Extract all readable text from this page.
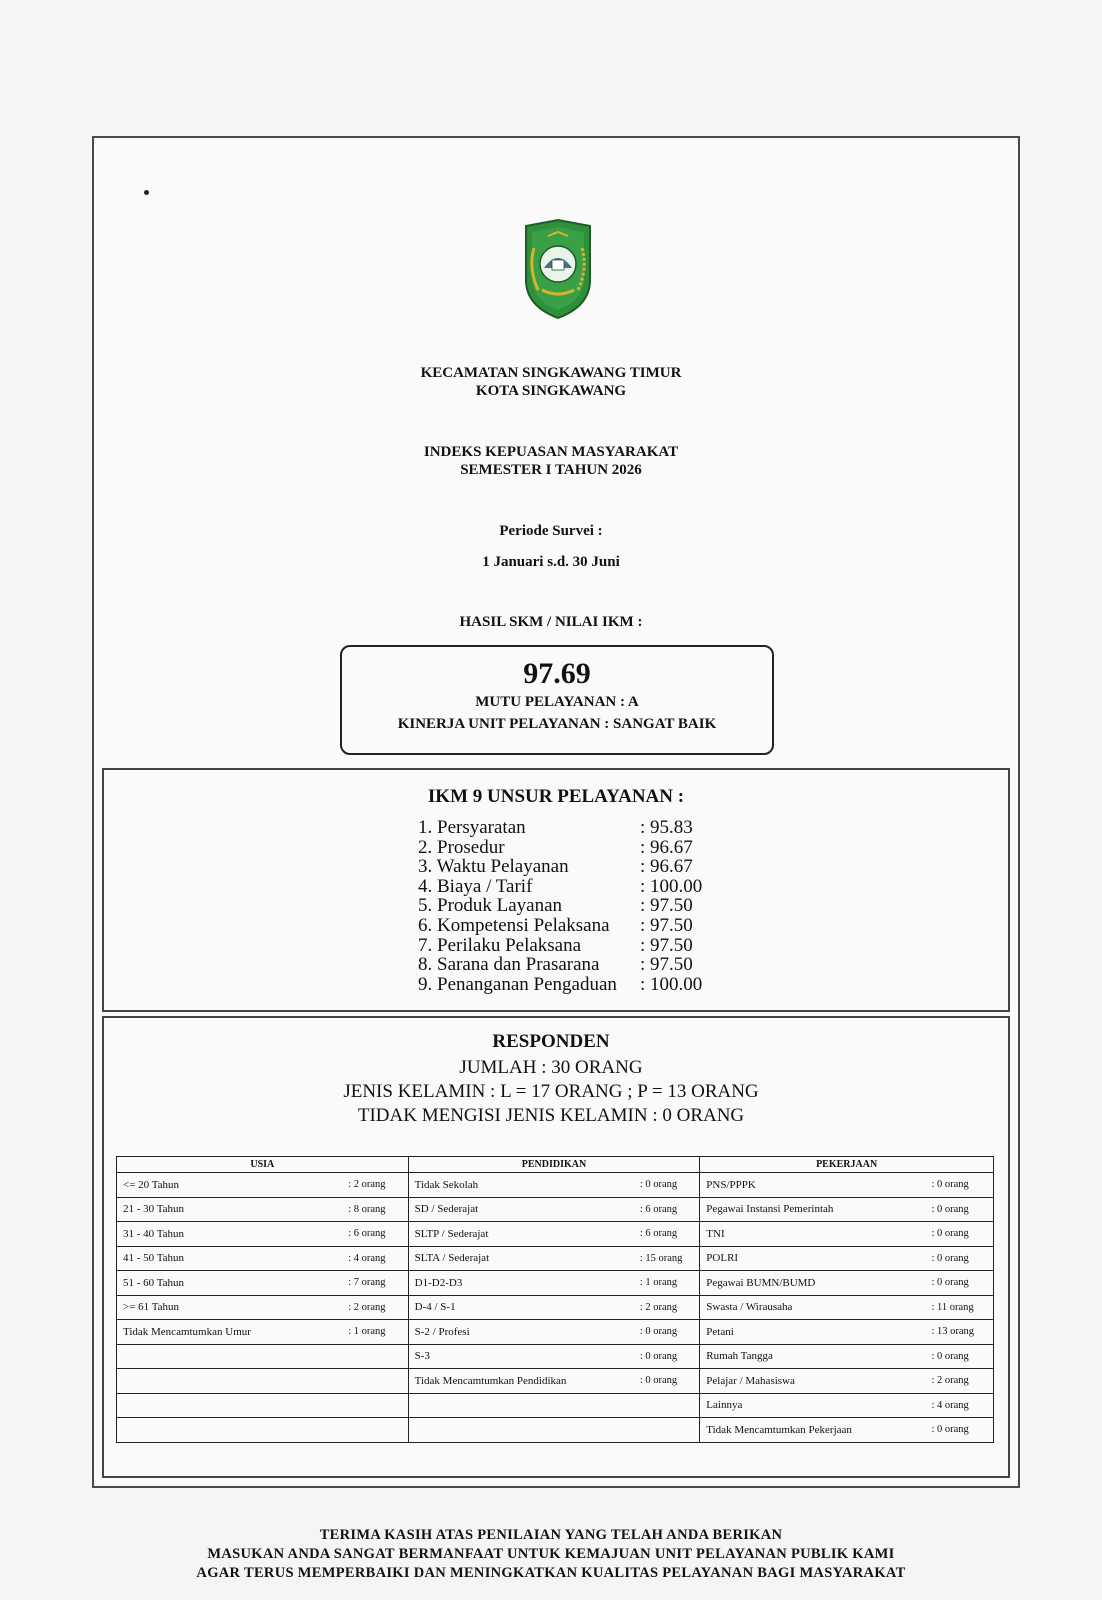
KECAMATAN SINGKAWANG TIMUR
KOTA SINGKAWANG
INDEKS KEPUASAN MASYARAKAT
SEMESTER I TAHUN 2026
Periode Survei :
1 Januari s.d. 30 Juni
HASIL SKM / NILAI IKM :
97.69
MUTU PELAYANAN : A
KINERJA UNIT PELAYANAN : SANGAT BAIK
IKM 9 UNSUR PELAYANAN :
1. Persyaratan	: 95.83
2. Prosedur	: 96.67
3. Waktu Pelayanan	: 96.67
4. Biaya / Tarif	: 100.00
5. Produk Layanan	: 97.50
6. Kompetensi Pelaksana	: 97.50
7. Perilaku Pelaksana	: 97.50
8. Sarana dan Prasarana	: 97.50
9. Penanganan Pengaduan	: 100.00
RESPONDEN
JUMLAH : 30 ORANG
JENIS KELAMIN : L = 17 ORANG ; P = 13 ORANG
TIDAK MENGISI JENIS KELAMIN : 0 ORANG
USIA		PENDIDIKAN		PEKERJAAN	
<= 20 Tahun	: 2 orang	Tidak Sekolah	: 0 orang	PNS/PPPK	: 0 orang
21 - 30 Tahun	: 8 orang	SD / Sederajat	: 6 orang	Pegawai Instansi Pemerintah	: 0 orang
31 - 40 Tahun	: 6 orang	SLTP / Sederajat	: 6 orang	TNI	: 0 orang
41 - 50 Tahun	: 4 orang	SLTA / Sederajat	: 15 orang	POLRI	: 0 orang
51 - 60 Tahun	: 7 orang	D1-D2-D3	: 1 orang	Pegawai BUMN/BUMD	: 0 orang
>= 61 Tahun	: 2 orang	D-4 / S-1	: 2 orang	Swasta / Wirausaha	: 11 orang
Tidak Mencamtumkan Umur	: 1 orang	S-2 / Profesi	: 0 orang	Petani	: 13 orang
		S-3	: 0 orang	Rumah Tangga	: 0 orang
		Tidak Mencamtumkan Pendidikan	: 0 orang	Pelajar / Mahasiswa	: 2 orang
				Lainnya	: 4 orang
				Tidak Mencamtumkan Pekerjaan	: 0 orang
TERIMA KASIH ATAS PENILAIAN YANG TELAH ANDA BERIKAN
MASUKAN ANDA SANGAT BERMANFAAT UNTUK KEMAJUAN UNIT PELAYANAN PUBLIK KAMI
AGAR TERUS MEMPERBAIKI DAN MENINGKATKAN KUALITAS PELAYANAN BAGI MASYARAKAT
